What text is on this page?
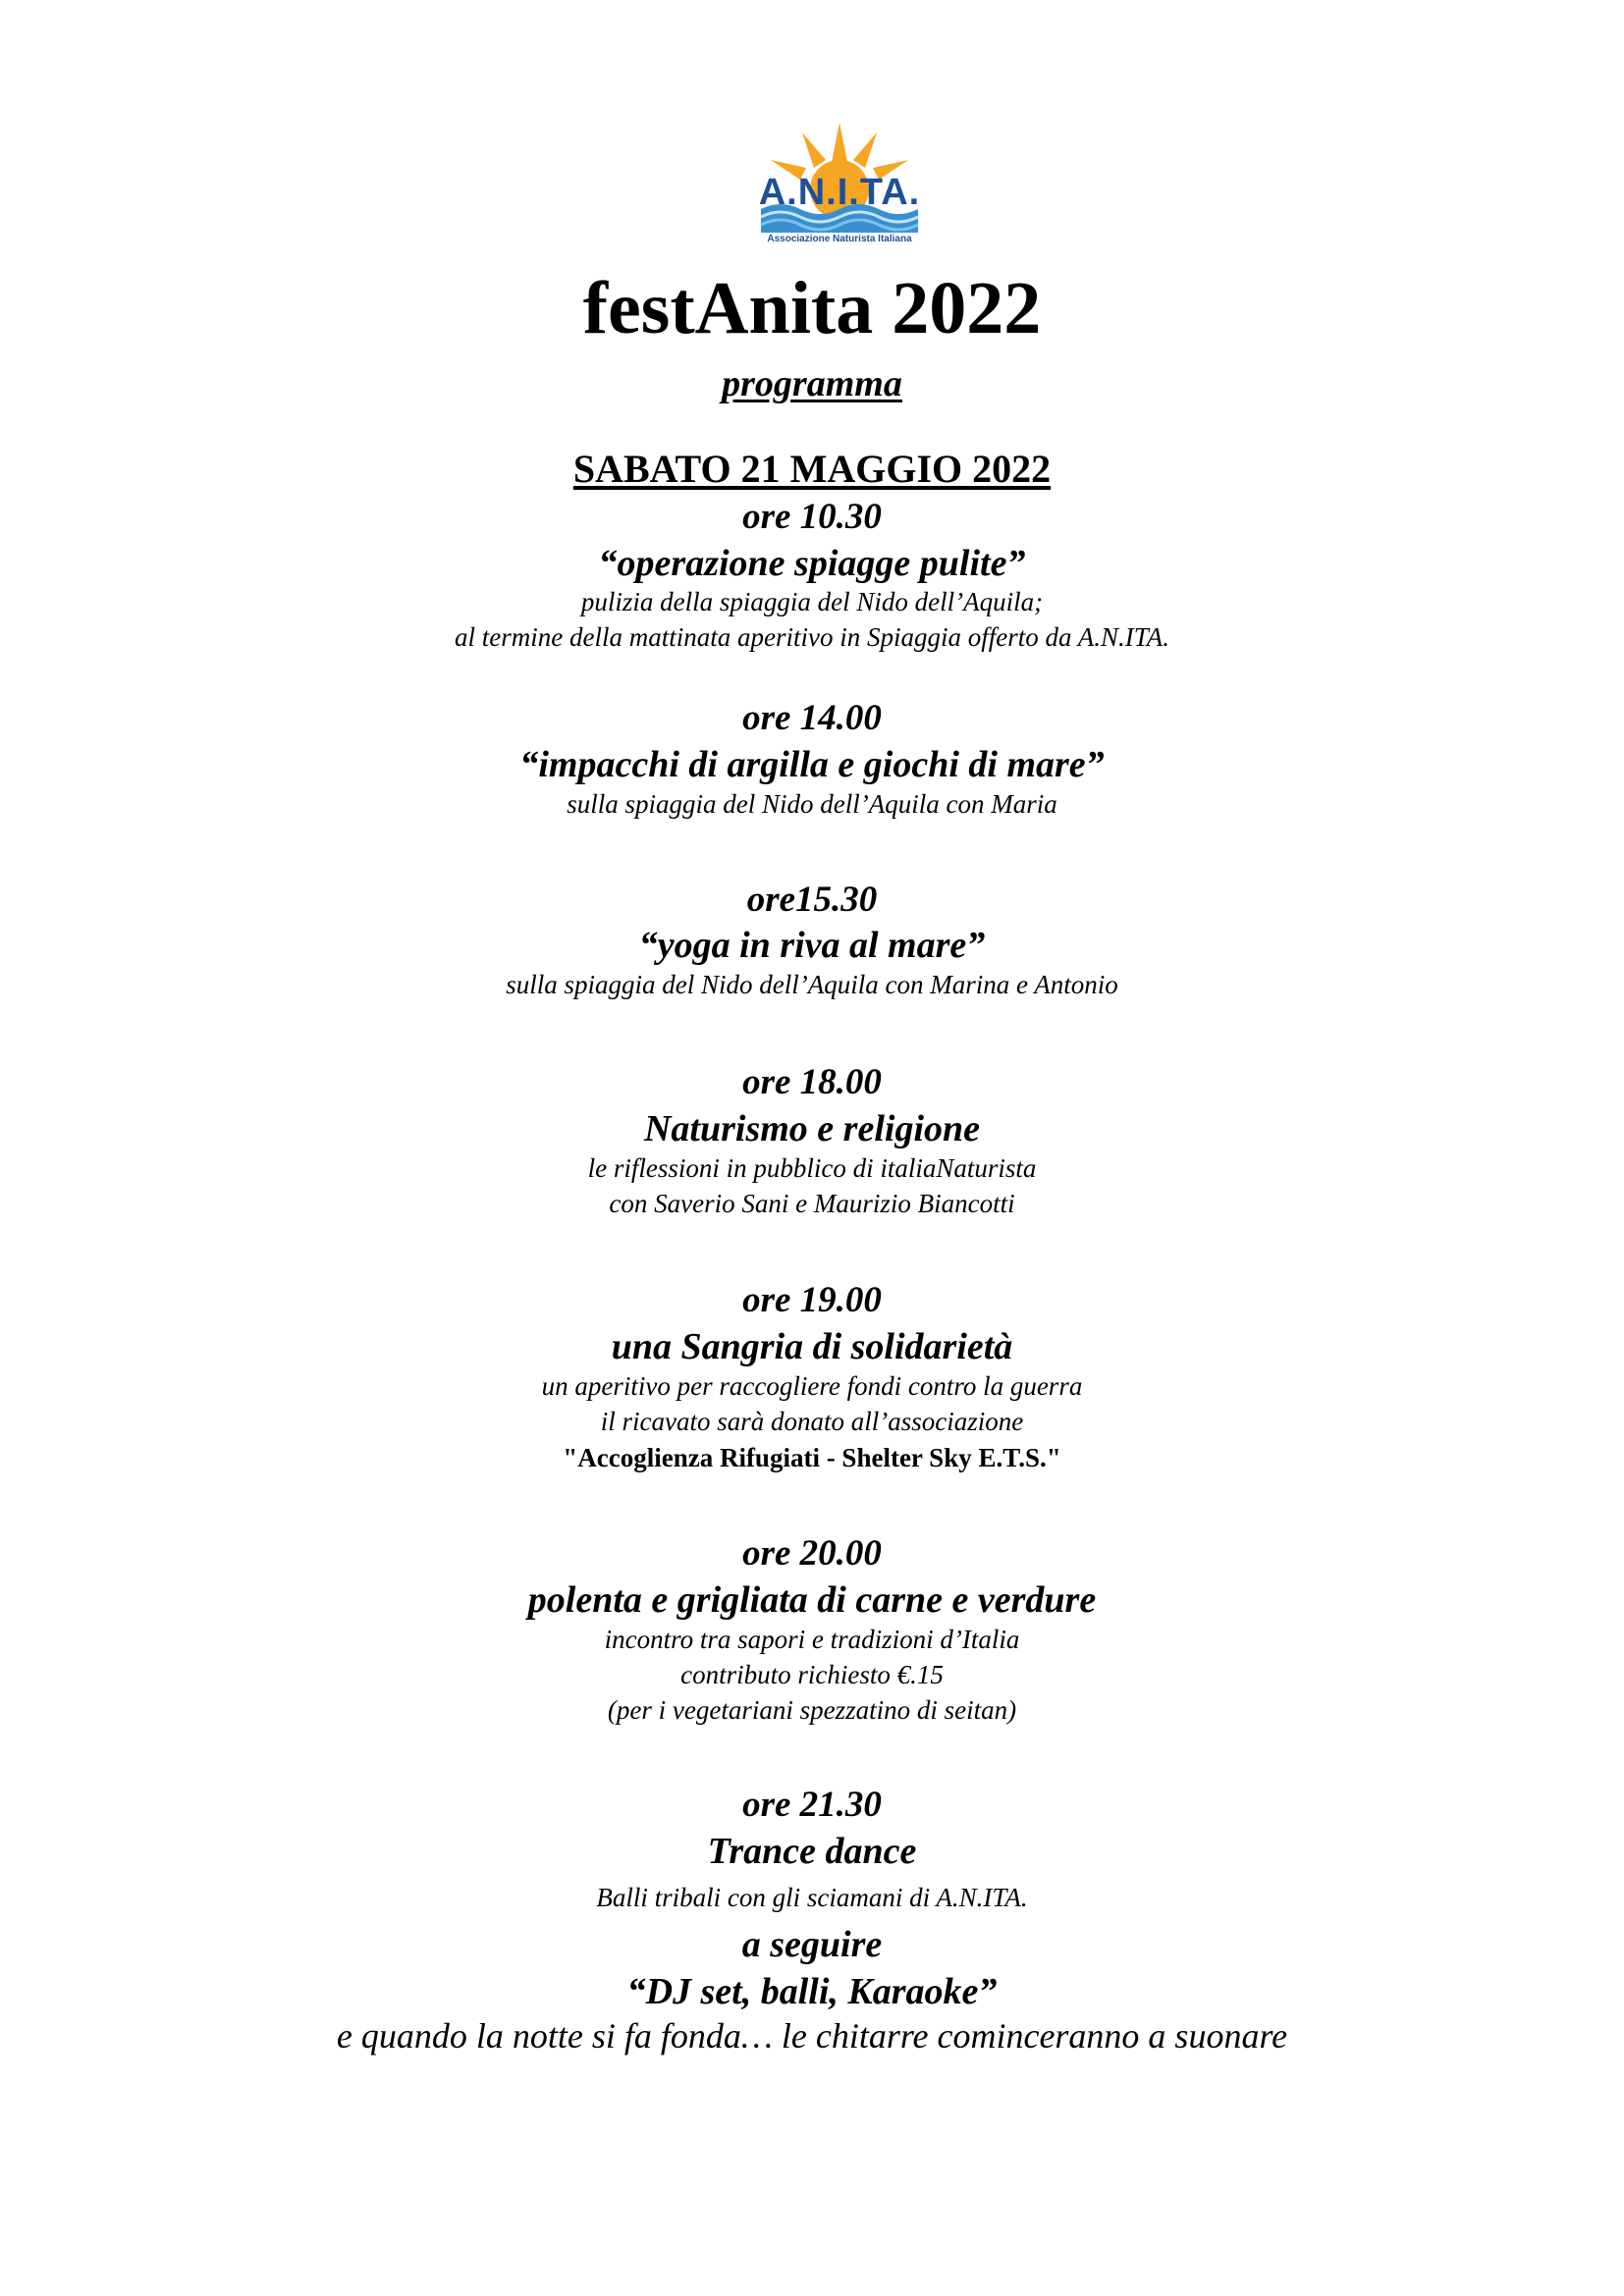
A.N.I.TA.
Associazione Naturista Italiana
festAnita 2022
programma
SABATO 21 MAGGIO 2022
ore 10.30
“operazione spiagge pulite”
pulizia della spiaggia del Nido dell’Aquila;
al termine della mattinata aperitivo in Spiaggia offerto da A.N.ITA.
ore 14.00
“impacchi di argilla e giochi di mare”
sulla spiaggia del Nido dell’Aquila con Maria
ore15.30
“yoga in riva al mare”
sulla spiaggia del Nido dell’Aquila con Marina e Antonio
ore 18.00
Naturismo e religione
le riflessioni in pubblico di italiaNaturista
con Saverio Sani e Maurizio Biancotti
ore 19.00
una Sangria di solidarietà
un aperitivo per raccogliere fondi contro la guerra
il ricavato sarà donato all’associazione
"Accoglienza Rifugiati - Shelter Sky E.T.S."
ore 20.00
polenta e grigliata di carne e verdure
incontro tra sapori e tradizioni d’Italia
contributo richiesto €.15
(per i vegetariani spezzatino di seitan)
ore 21.30
Trance dance
Balli tribali con gli sciamani di A.N.ITA.
a seguire
“DJ set, balli, Karaoke”
e quando la notte si fa fonda… le chitarre cominceranno a suonare
